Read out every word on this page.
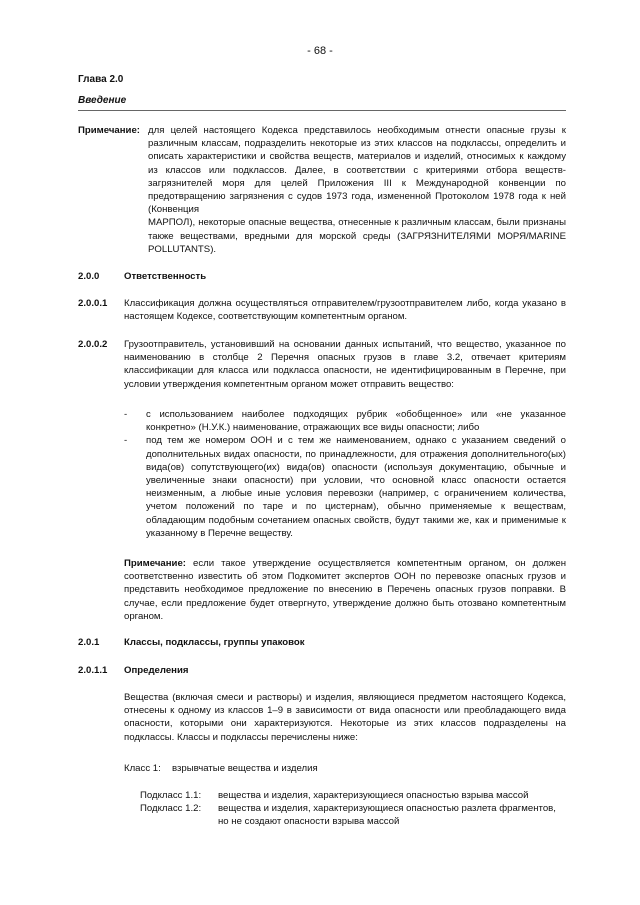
- 68 -
Глава 2.0
Введение
Примечание: для целей настоящего Кодекса представилось необходимым отнести опасные грузы к различным классам, подразделить некоторые из этих классов на подклассы, определить и описать характеристики и свойства веществ, материалов и изделий, относимых к каждому из классов или подклассов. Далее, в соответствии с критериями отбора веществ-загрязнителей моря для целей Приложения III к Международной конвенции по предотвращению загрязнения с судов 1973 года, измененной Протоколом 1978 года к ней (Конвенция
МАРПОЛ), некоторые опасные вещества, отнесенные к различным классам, были признаны также веществами, вредными для морской среды (ЗАГРЯЗНИТЕЛЯМИ МОРЯ/MARINE POLLUTANTS).
2.0.0	Ответственность
2.0.0.1	Классификация должна осуществляться отправителем/грузоотправителем либо, когда указано в настоящем Кодексе, соответствующим компетентным органом.
2.0.0.2	Грузоотправитель, установивший на основании данных испытаний, что вещество, указанное по наименованию в столбце 2 Перечня опасных грузов в главе 3.2, отвечает критериям классификации для класса или подкласса опасности, не идентифицированным в Перечне, при условии утверждения компетентным органом может отправить вещество:
- с использованием наиболее подходящих рубрик «обобщенное» или «не указанное конкретно» (Н.У.К.) наименование, отражающих все виды опасности; либо
- под тем же номером ООН и с тем же наименованием, однако с указанием сведений о дополнительных видах опасности, по принадлежности, для отражения дополнительного(ых) вида(ов) сопутствующего(их) вида(ов) опасности (используя документацию, обычные и увеличенные знаки опасности) при условии, что основной класс опасности остается неизменным, а любые иные условия перевозки (например, с ограничением количества, учетом положений по таре и по цистернам), обычно применяемые к веществам, обладающим подобным сочетанием опасных свойств, будут такими же, как и применимые к указанному в Перечне веществу.
Примечание: если такое утверждение осуществляется компетентным органом, он должен соответственно известить об этом Подкомитет экспертов ООН по перевозке опасных грузов и представить необходимое предложение по внесению в Перечень опасных грузов поправки. В случае, если предложение будет отвергнуто, утверждение должно быть отозвано компетентным органом.
2.0.1	Классы, подклассы, группы упаковок
2.0.1.1	Определения
Вещества (включая смеси и растворы) и изделия, являющиеся предметом настоящего Кодекса, отнесены к одному из классов 1–9 в зависимости от вида опасности или преобладающего вида опасности, которыми они характеризуются. Некоторые из этих классов подразделены на подклассы. Классы и подклассы перечислены ниже:
Класс 1: взрывчатые вещества и изделия
Подкласс 1.1:	вещества и изделия, характеризующиеся опасностью взрыва массой
Подкласс 1.2:	вещества и изделия, характеризующиеся опасностью разлета фрагментов, но не создают опасности взрыва массой
